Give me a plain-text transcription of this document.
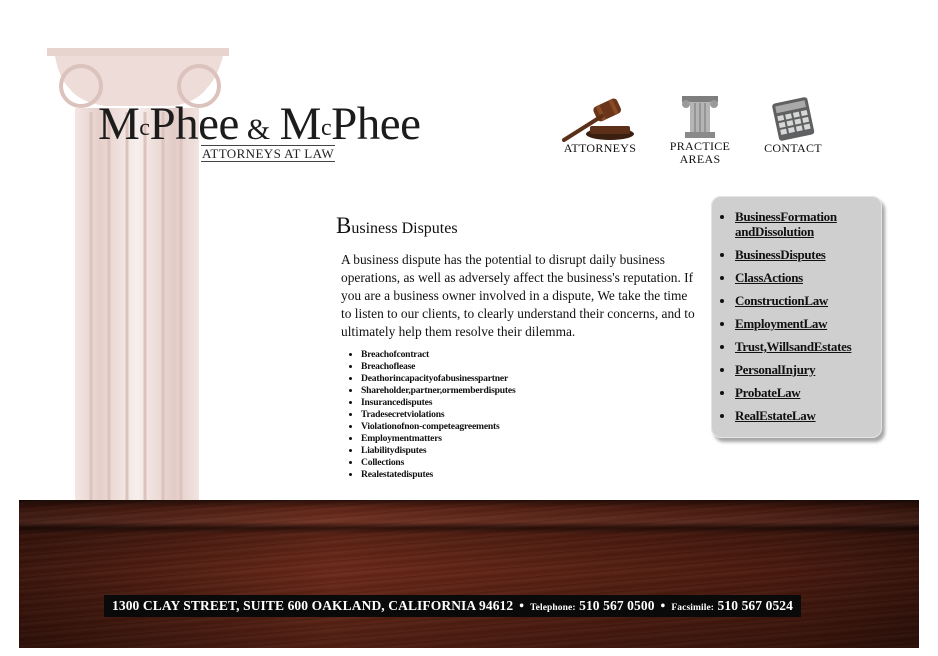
$M^cPhee$ & $M^cPhee$
ATTORNEYS AT LAW	ATTORNEYS	PRACTICE
AREAS
CONTACT
Business Disputes
A business dispute has the potential to disrupt daily business operations, as well as adversely affect the business's reputation. If you are a business owner involved in a dispute, We take the time to listen to our clients, to clearly understand their concerns, and to ultimately help them resolve their dilemma.
• Breachofcontract
• Breachoflease
• Deathorincapacityofabusinesspartner
• Shareholder,partner,ormemberdisputes
• Insurancedisputes
• Tradesecretviolations
• Violationofnon-competeagreements
• Employmentmatters
• Liabilitydisputes
• Collections
• Realestatedisputes
• BusinessFormation
andDissolution
• BusinessDisputes
• ClassActions
• ConstructionLaw
• EmploymentLaw
• Trust,WillsandEstates
• PersonalInjury
• ProbateLaw
• RealEstateLaw
1300 CLAY STREET, SUITE 600 OAKLAND, CALIFORNIA 94612 • Telephone: 510 567 0500 • Facsimile: 510 567 0524
